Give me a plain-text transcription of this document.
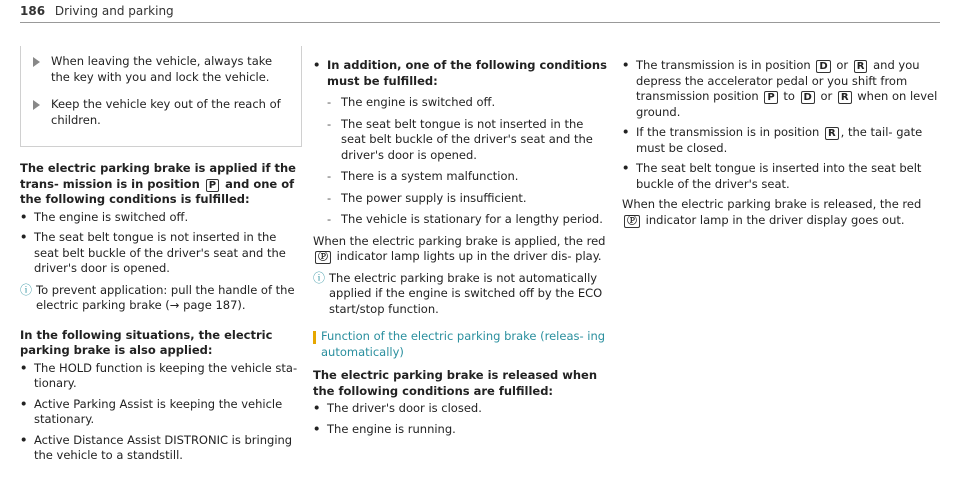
186 Driving and parking
When leaving the vehicle, always take the key with you and lock the vehicle.
Keep the vehicle key out of the reach of children.
The electric parking brake is applied if the trans- mission is in position P and one of the following conditions is fulfilled:
• The engine is switched off.
• The seat belt tongue is not inserted in the seat belt buckle of the driver's seat and the driver's door is opened.
ⓘ To prevent application: pull the handle of the electric parking brake (→ page 187).
In the following situations, the electric parking brake is also applied:
• The HOLD function is keeping the vehicle sta- tionary.
• Active Parking Assist is keeping the vehicle stationary.
• Active Distance Assist DISTRONIC is bringing the vehicle to a standstill.
• In addition, one of the following conditions must be fulfilled:
- The engine is switched off.
- The seat belt tongue is not inserted in the seat belt buckle of the driver's seat and the driver's door is opened.
- There is a system malfunction.
- The power supply is insufficient.
- The vehicle is stationary for a lengthy period.

When the electric parking brake is applied, the red Ⓟ indicator lamp lights up in the driver dis- play.

ⓘ The electric parking brake is not automatically applied if the engine is switched off by the ECO start/stop function.
Function of the electric parking brake (releas- ing automatically)
The electric parking brake is released when the following conditions are fulfilled:
• The driver's door is closed.
• The engine is running.
• The transmission is in position D or R and you depress the accelerator pedal or you shift from transmission position P to D or R when on level ground.
• If the transmission is in position R , the tail- gate must be closed.
• The seat belt tongue is inserted into the seat belt buckle of the driver's seat.

When the electric parking brake is released, the red Ⓟ indicator lamp in the driver display goes out.
